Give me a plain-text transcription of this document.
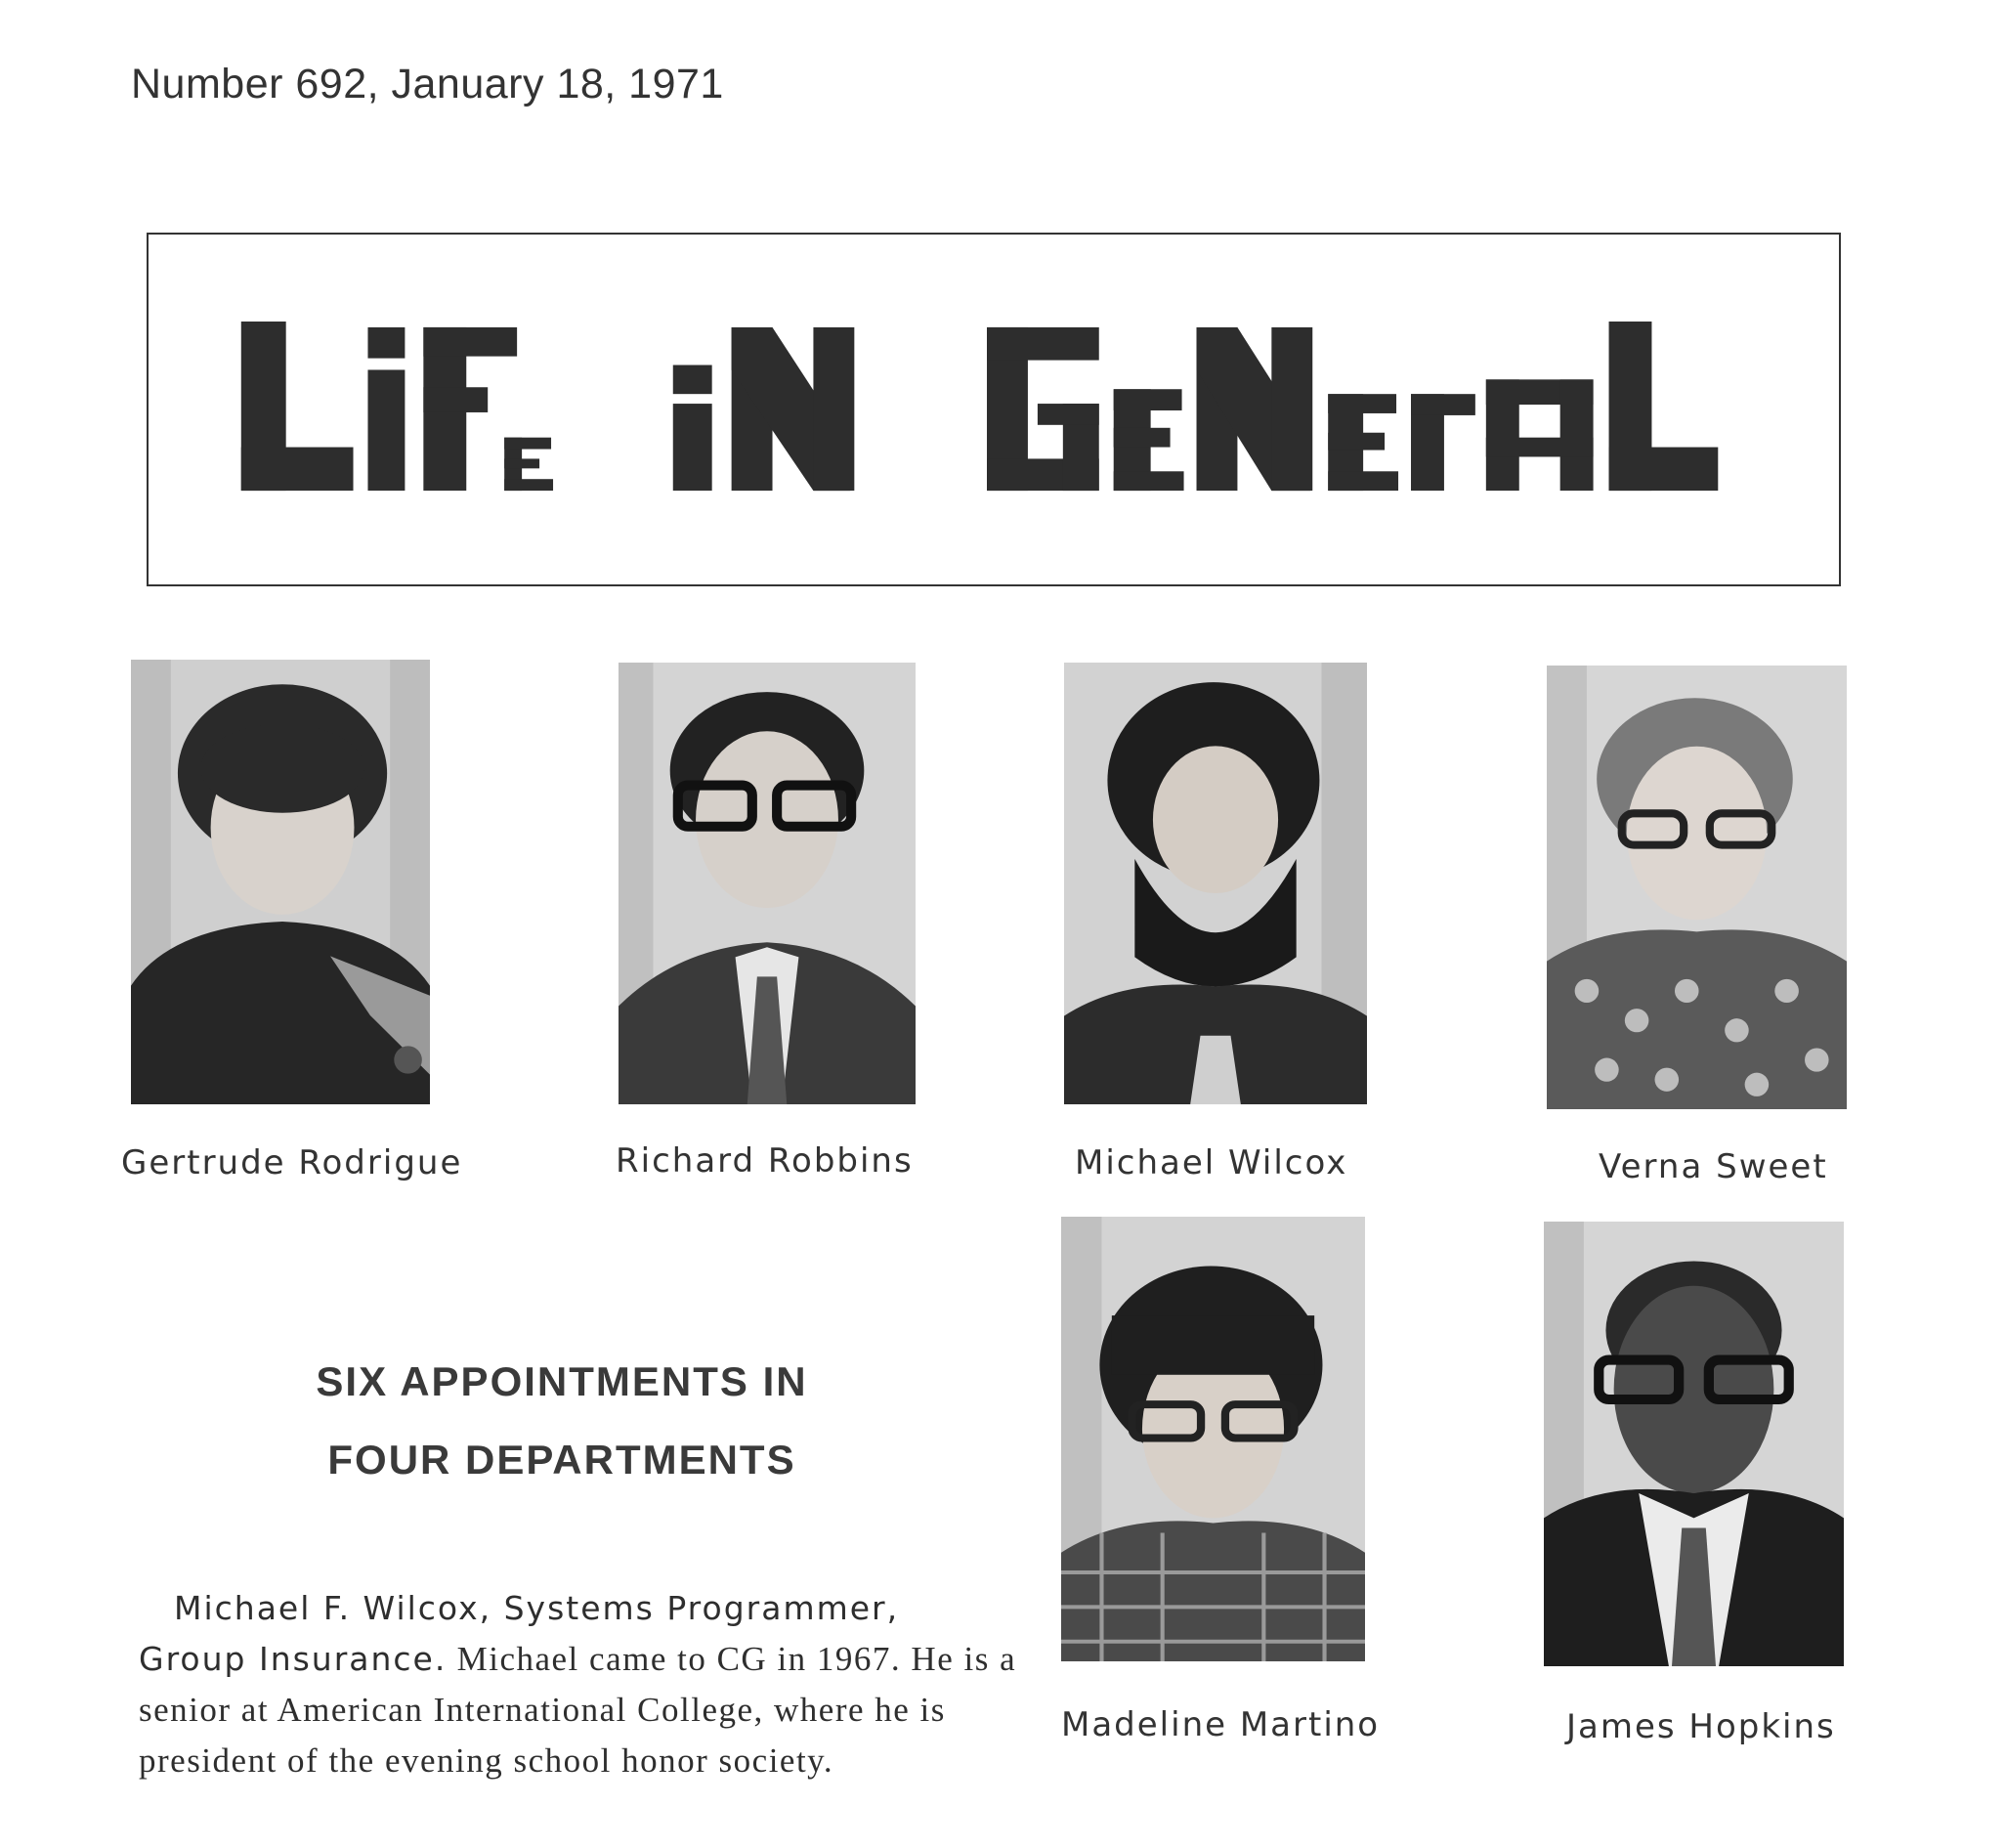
Number 692, January 18, 1971
Gertrude Rodrigue	Richard Robbins	Michael Wilcox	Verna Sweet
Madeline Martino	James Hopkins
SIX APPOINTMENTS IN
FOUR DEPARTMENTS
Michael F. Wilcox, Systems Programmer, Group Insurance. Michael came to CG in 1967. He is a senior at American International College, where he is president of the evening school honor society.
